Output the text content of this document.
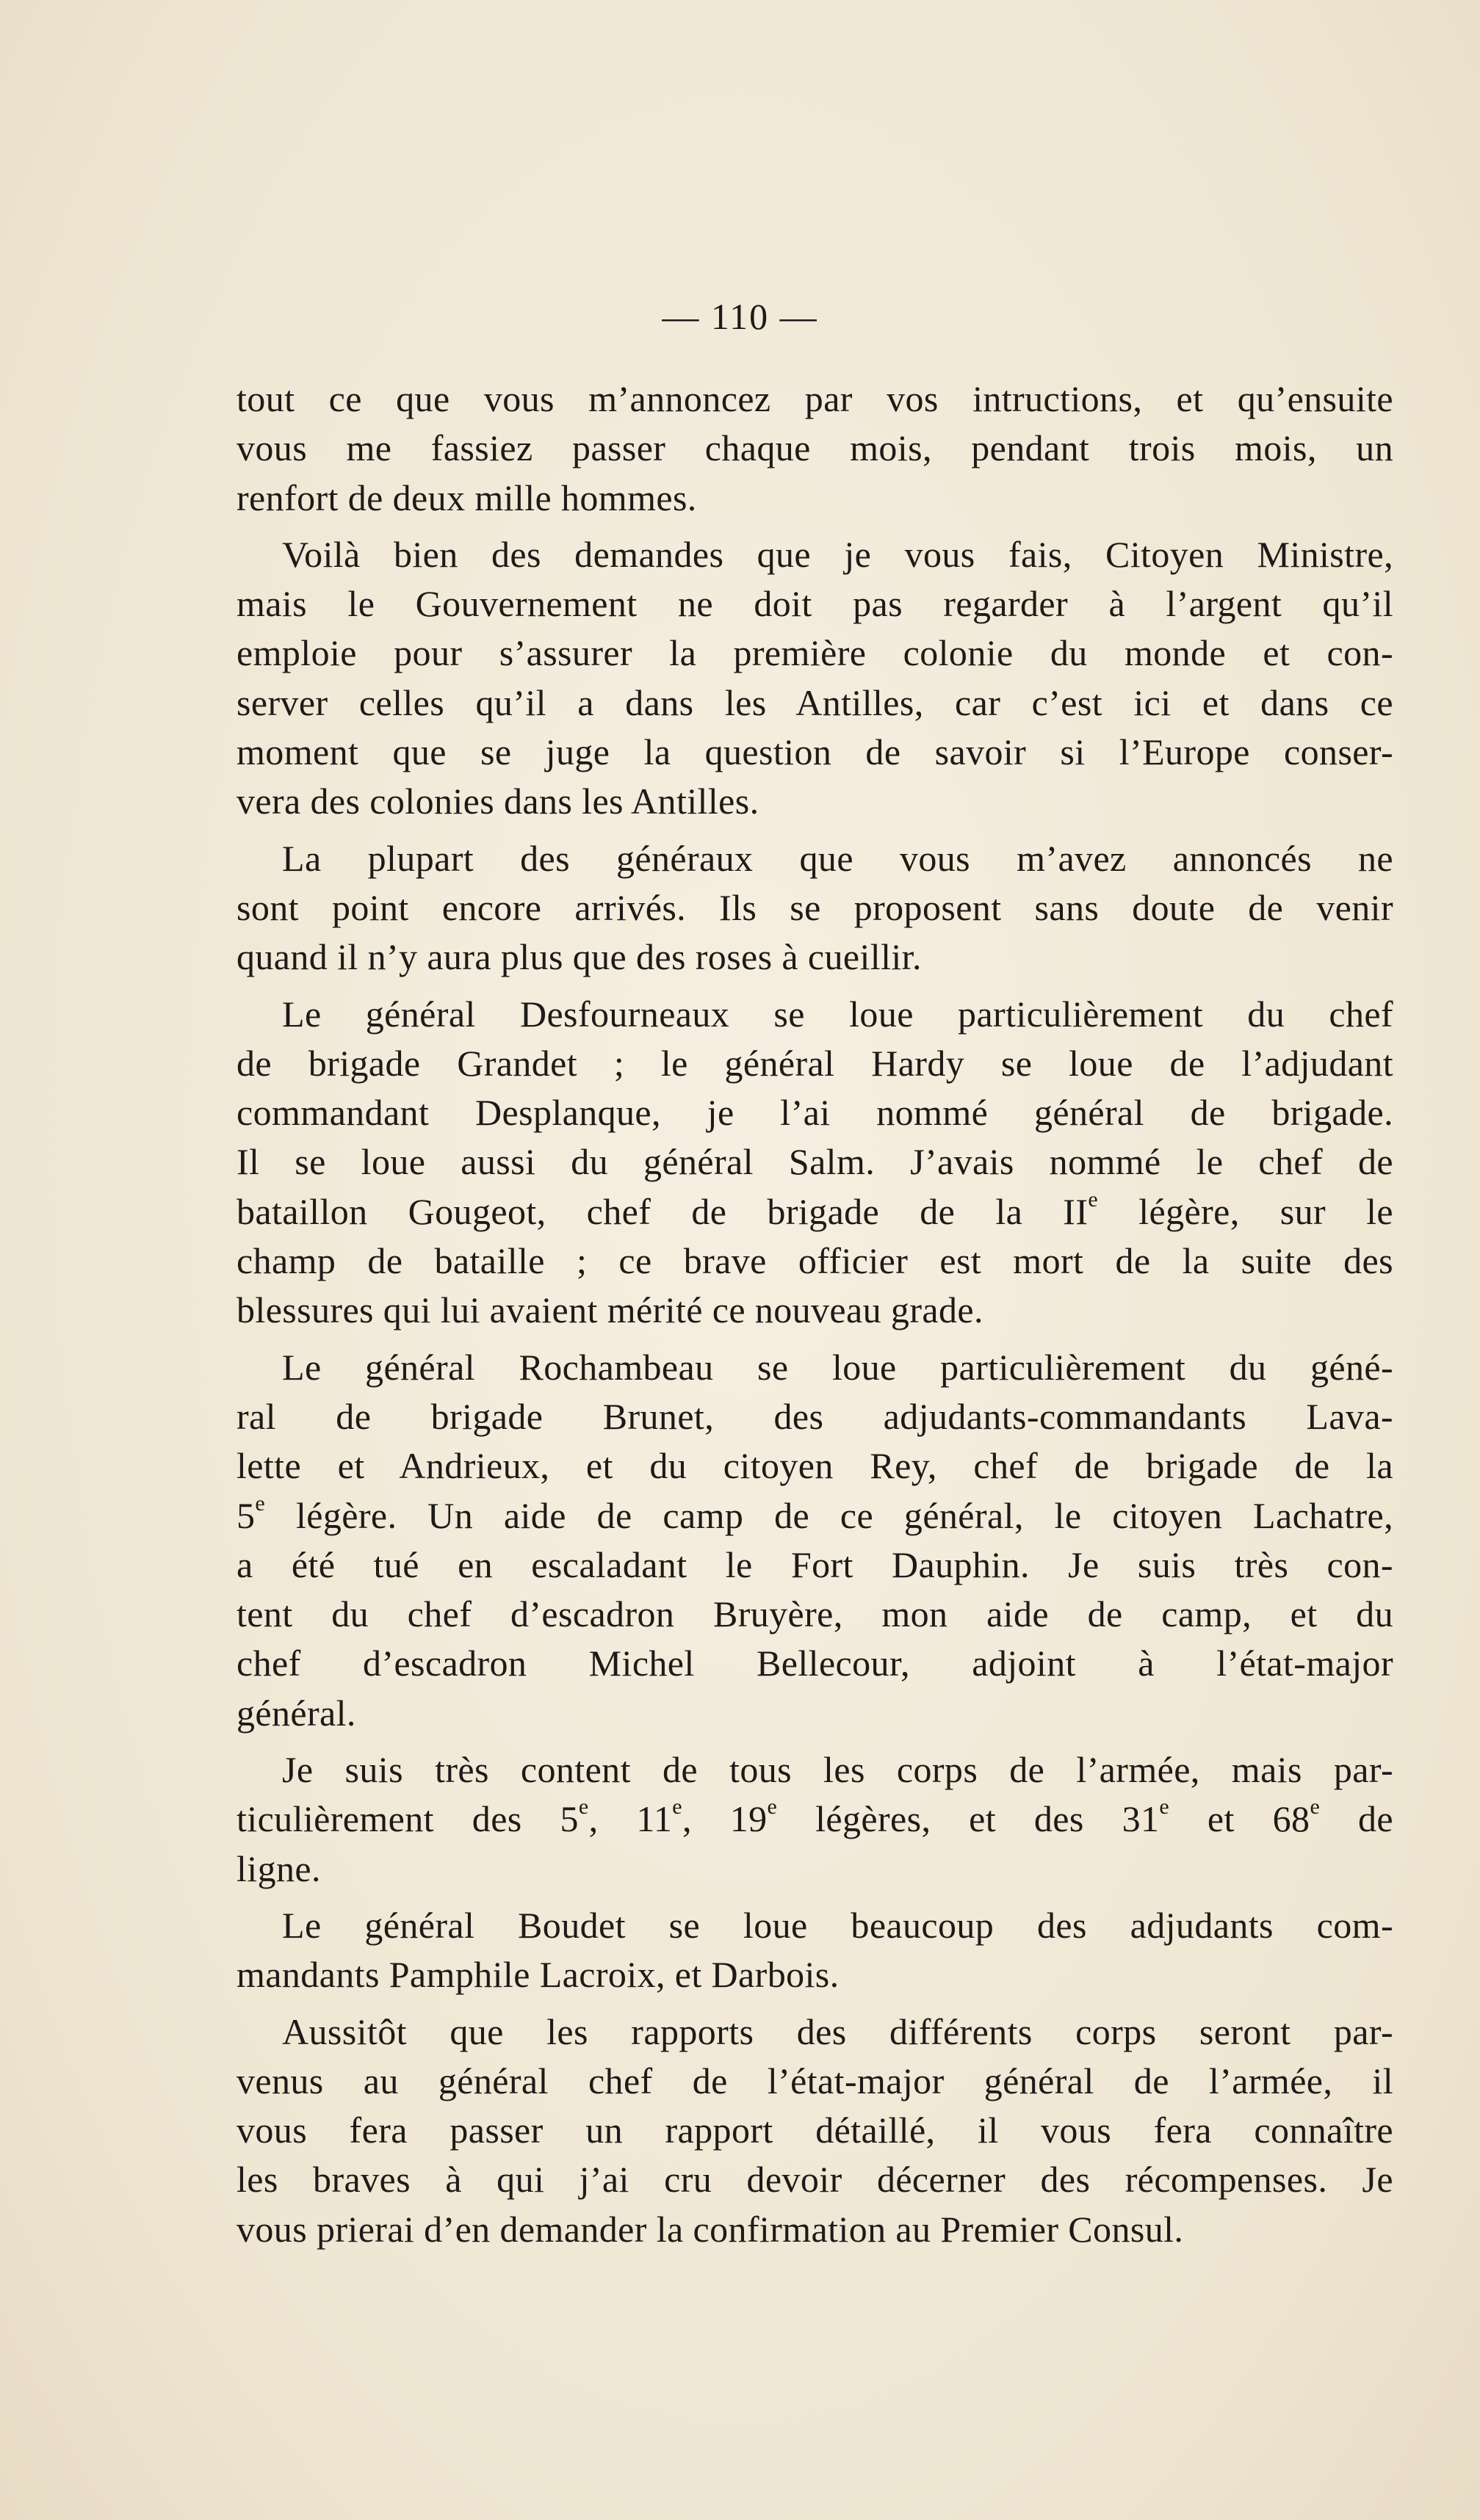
— 110 —
tout ce que vous m’annoncez par vos intructions, et qu’ensuite
vous me fassiez passer chaque mois, pendant trois mois, un
renfort de deux mille hommes.
Voilà bien des demandes que je vous fais, Citoyen Ministre,
mais le Gouvernement ne doit pas regarder à l’argent qu’il
emploie pour s’assurer la première colonie du monde et con-
server celles qu’il a dans les Antilles, car c’est ici et dans ce
moment que se juge la question de savoir si l’Europe conser-
vera des colonies dans les Antilles.
La plupart des généraux que vous m’avez annoncés ne
sont point encore arrivés. Ils se proposent sans doute de venir
quand il n’y aura plus que des roses à cueillir.
Le général Desfourneaux se loue particulièrement du chef
de brigade Grandet ; le général Hardy se loue de l’adjudant
commandant Desplanque, je l’ai nommé général de brigade.
Il se loue aussi du général Salm. J’avais nommé le chef de
bataillon Gougeot, chef de brigade de la IIe légère, sur le
champ de bataille ; ce brave officier est mort de la suite des
blessures qui lui avaient mérité ce nouveau grade.
Le général Rochambeau se loue particulièrement du géné-
ral de brigade Brunet, des adjudants-commandants Lava-
lette et Andrieux, et du citoyen Rey, chef de brigade de la
5e légère. Un aide de camp de ce général, le citoyen Lachatre,
a été tué en escaladant le Fort Dauphin. Je suis très con-
tent du chef d’escadron Bruyère, mon aide de camp, et du
chef d’escadron Michel Bellecour, adjoint à l’état-major
général.
Je suis très content de tous les corps de l’armée, mais par-
ticulièrement des 5e, 11e, 19e légères, et des 31e et 68e de
ligne.
Le général Boudet se loue beaucoup des adjudants com-
mandants Pamphile Lacroix, et Darbois.
Aussitôt que les rapports des différents corps seront par-
venus au général chef de l’état-major général de l’armée, il
vous fera passer un rapport détaillé, il vous fera connaître
les braves à qui j’ai cru devoir décerner des récompenses. Je
vous prierai d’en demander la confirmation au Premier Consul.
